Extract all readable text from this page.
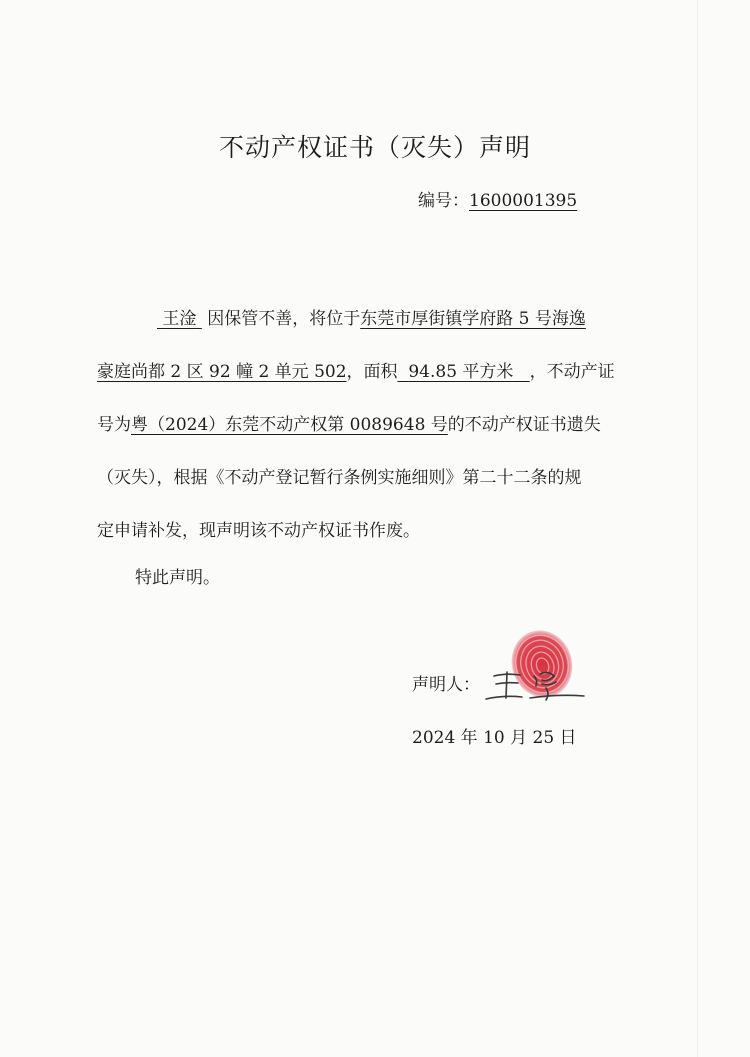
不动产权证书（灭失）声明
编号：1600001395
王淦 因保管不善，将位于东莞市厚街镇学府路 5 号海逸
豪庭尚都 2 区 92 幢 2 单元 502，面积 94.85 平方米 ，不动产证
号为粤（2024）东莞不动产权第 0089648 号的不动产权证书遗失
（灭失），根据《不动产登记暂行条例实施细则》第二十二条的规
定申请补发，现声明该不动产权证书作废。
特此声明。
声明人：
2024 年 10 月 25 日
